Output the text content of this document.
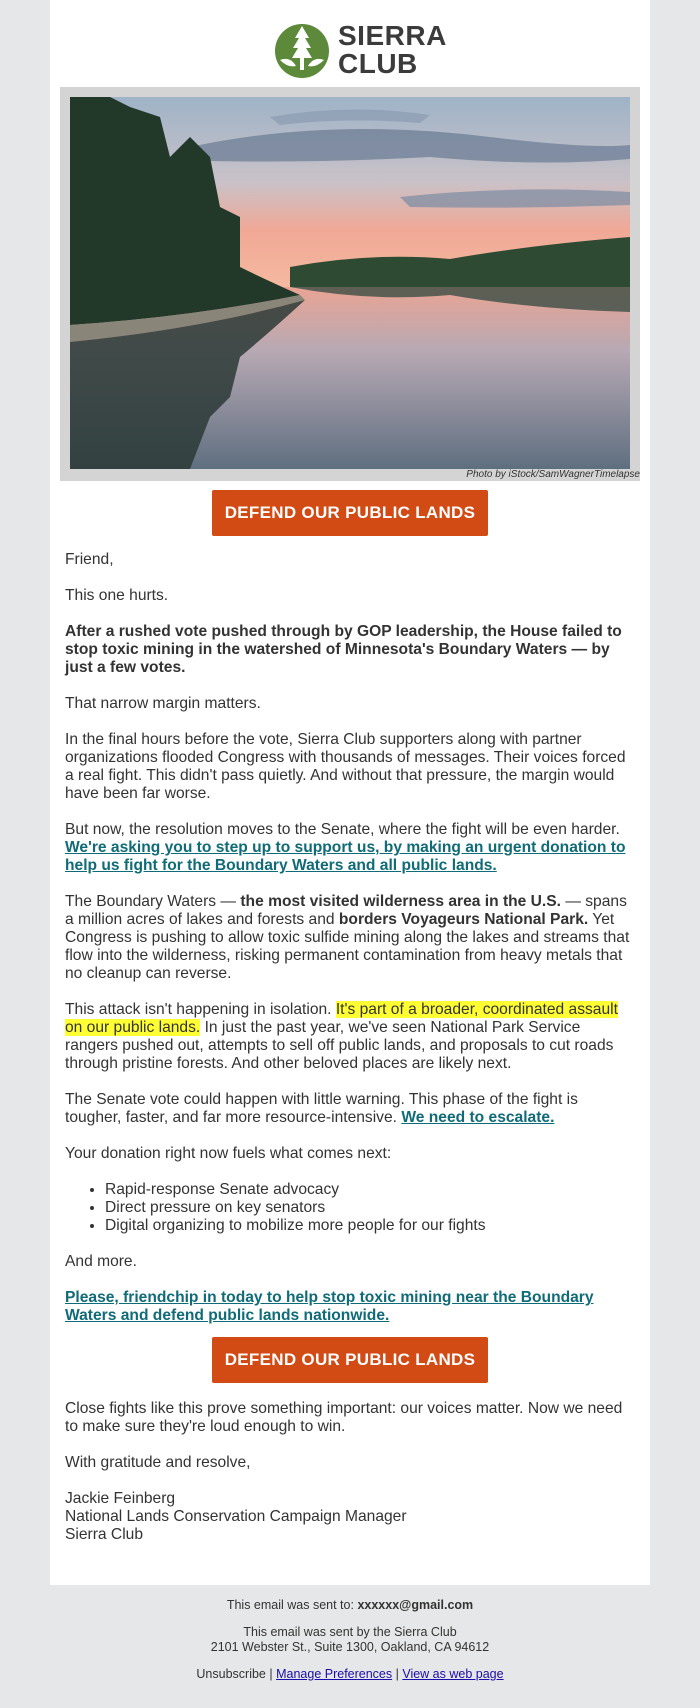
SIERRA
CLUB
Photo by iStock/SamWagnerTimelapse
DEFEND OUR PUBLIC LANDS

Friend,

This one hurts.

After a rushed vote pushed through by GOP leadership, the House failed to stop toxic mining in the watershed of Minnesota's Boundary Waters — by just a few votes.

That narrow margin matters.

In the final hours before the vote, Sierra Club supporters along with partner organizations flooded Congress with thousands of messages. Their voices forced a real fight. This didn't pass quietly. And without that pressure, the margin would have been far worse.

But now, the resolution moves to the Senate, where the fight will be even harder. We're asking you to step up to support us, by making an urgent donation to help us fight for the Boundary Waters and all public lands.

The Boundary Waters — the most visited wilderness area in the U.S. — spans a million acres of lakes and forests and borders Voyageurs National Park. Yet Congress is pushing to allow toxic sulfide mining along the lakes and streams that flow into the wilderness, risking permanent contamination from heavy metals that no cleanup can reverse.

This attack isn't happening in isolation. It's part of a broader, coordinated assault on our public lands. In just the past year, we've seen National Park Service rangers pushed out, attempts to sell off public lands, and proposals to cut roads through pristine forests. And other beloved places are likely next.

The Senate vote could happen with little warning. This phase of the fight is tougher, faster, and far more resource-intensive. We need to escalate.

Your donation right now fuels what comes next:

• Rapid-response Senate advocacy
• Direct pressure on key senators
• Digital organizing to mobilize more people for our fights

And more.

Please, friendchip in today to help stop toxic mining near the Boundary Waters and defend public lands nationwide.

DEFEND OUR PUBLIC LANDS

Close fights like this prove something important: our voices matter. Now we need to make sure they're loud enough to win.

With gratitude and resolve,

Jackie Feinberg
National Lands Conservation Campaign Manager
Sierra Club

This email was sent to: xxxxxx@gmail.com
This email was sent by the Sierra Club
2101 Webster St., Suite 1300, Oakland, CA 94612
Unsubscribe | Manage Preferences | View as web page
